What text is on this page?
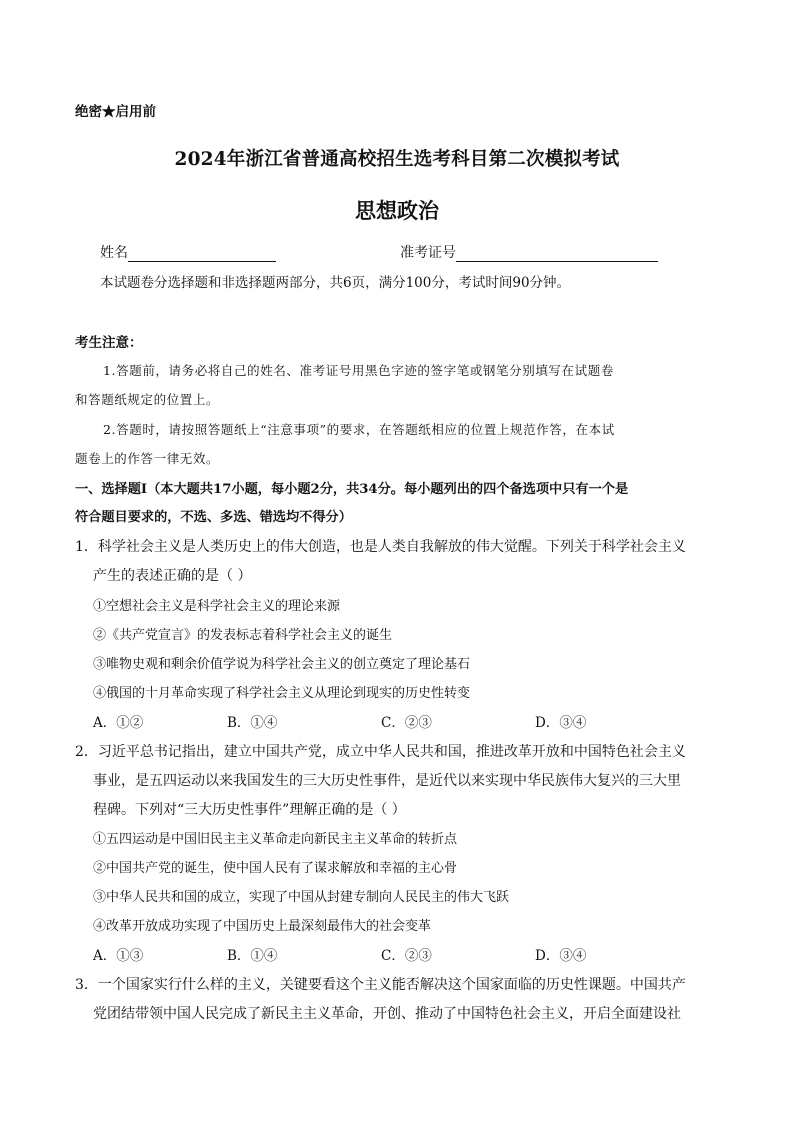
绝密★启用前
2024年浙江省普通高校招生选考科目第二次模拟考试
思想政治
姓名	准考证号
本试题卷分选择题和非选择题两部分，共6页，满分100分，考试时间90分钟。
考生注意：
1.答题前，请务必将自己的姓名、准考证号用黑色字迹的签字笔或钢笔分别填写在试题卷
和答题纸规定的位置上。
2.答题时，请按照答题纸上“注意事项”的要求，在答题纸相应的位置上规范作答，在本试
题卷上的作答一律无效。
一、选择题Ⅰ（本大题共17小题，每小题2分，共34分。每小题列出的四个备选项中只有一个是
符合题目要求的，不选、多选、错选均不得分）
1．科学社会主义是人类历史上的伟大创造，也是人类自我解放的伟大觉醒。下列关于科学社会主义
产生的表述正确的是（ ）
①空想社会主义是科学社会主义的理论来源
②《共产党宣言》的发表标志着科学社会主义的诞生
③唯物史观和剩余价值学说为科学社会主义的创立奠定了理论基石
④俄国的十月革命实现了科学社会主义从理论到现实的历史性转变
A．①②	B．①④	C．②③	D．③④
2．习近平总书记指出，建立中国共产党，成立中华人民共和国，推进改革开放和中国特色社会主义
事业，是五四运动以来我国发生的三大历史性事件，是近代以来实现中华民族伟大复兴的三大里
程碑。下列对“三大历史性事件”理解正确的是（ ）
①五四运动是中国旧民主主义革命走向新民主主义革命的转折点
②中国共产党的诞生，使中国人民有了谋求解放和幸福的主心骨
③中华人民共和国的成立，实现了中国从封建专制向人民民主的伟大飞跃
④改革开放成功实现了中国历史上最深刻最伟大的社会变革
A．①③	B．①④	C．②③	D．③④
3．一个国家实行什么样的主义，关键要看这个主义能否解决这个国家面临的历史性课题。中国共产
党团结带领中国人民完成了新民主主义革命，开创、推动了中国特色社会主义，开启全面建设社
